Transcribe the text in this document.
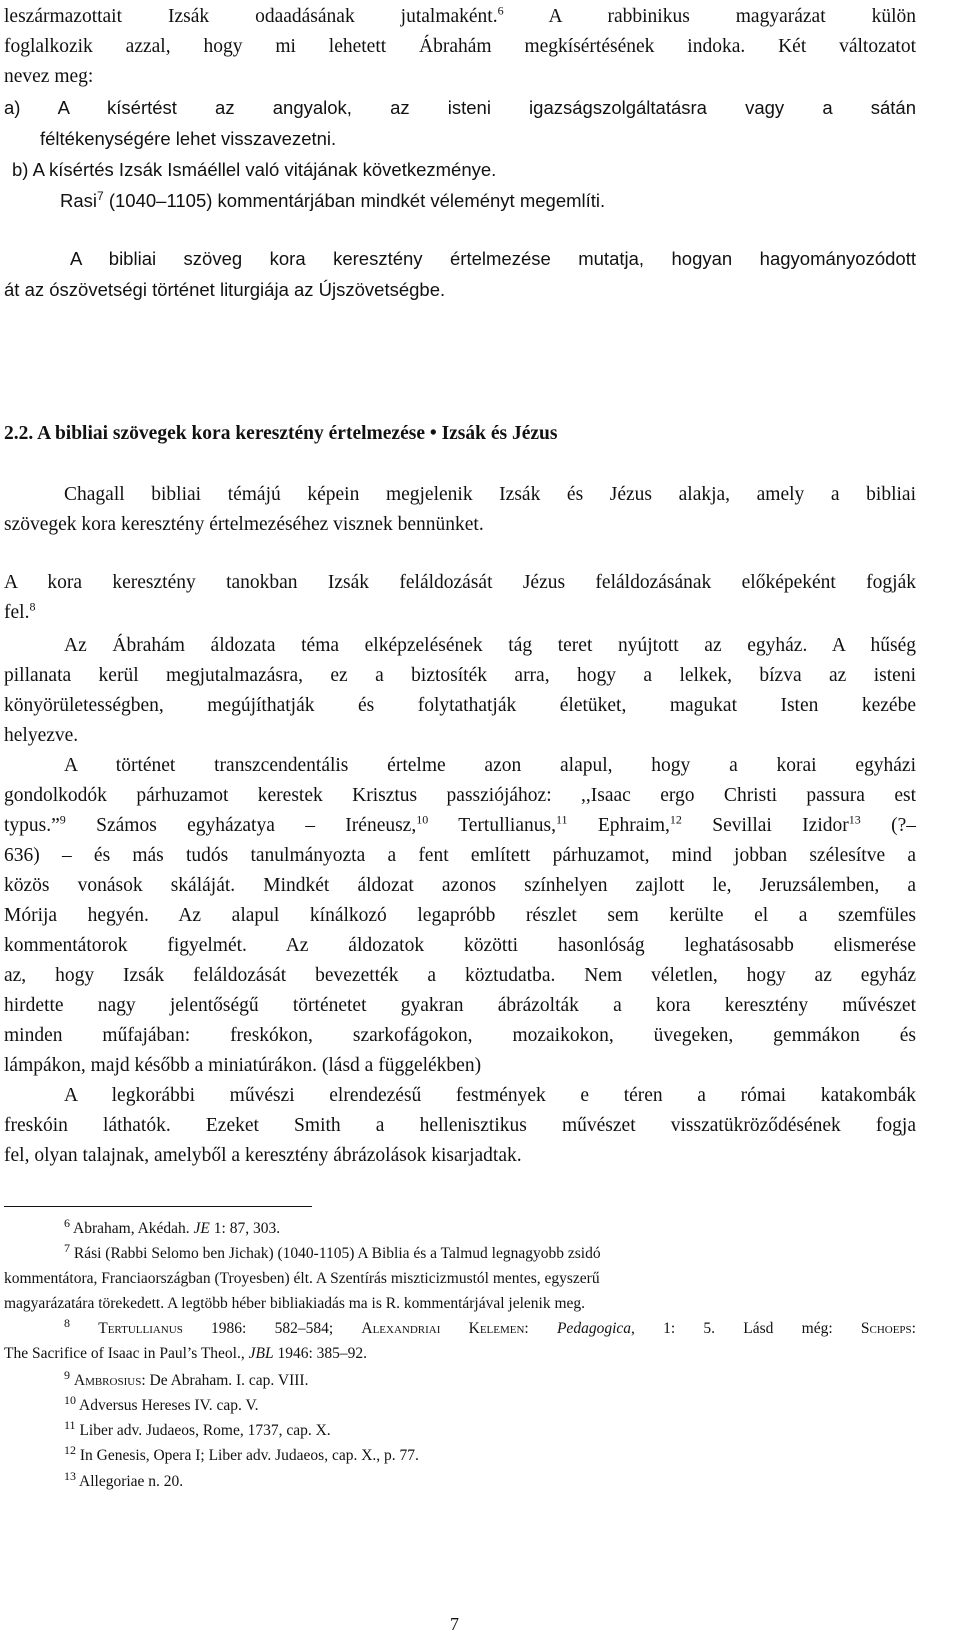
leszármazottait Izsák odaadásának jutalmaként.$^6$ A rabbinikus magyarázat külön

foglalkozik azzal, hogy mi lehetett Ábrahám megkísértésének indoka. Két változatot

nevez meg:

a) A kísértést az angyalok, az isteni igazságszolgáltatásra vagy a sátán

féltékenységére lehet visszavezetni.

b) A kísértés Izsák Ismáéllel való vitájának következménye.

Rasi$^7$ (1040–1105) kommentárjában mindkét véleményt megemlíti.

A bibliai szöveg kora keresztény értelmezése mutatja, hogyan hagyományozódott

át az ószövetségi történet liturgiája az Újszövetségbe.

2.2. A bibliai szövegek kora keresztény értelmezése • Izsák és Jézus

Chagall bibliai témájú képein megjelenik Izsák és Jézus alakja, amely a bibliai

szövegek kora keresztény értelmezéséhez visznek bennünket.

A kora keresztény tanokban Izsák feláldozását Jézus feláldozásának előképeként fogják

fel.$^8$

Az Ábrahám áldozata téma elképzelésének tág teret nyújtott az egyház. A hűség

pillanata kerül megjutalmazásra, ez a biztosíték arra, hogy a lelkek, bízva az isteni

könyörületességben, megújíthatják és folytathatják életüket, magukat Isten kezébe

helyezve.

A történet transzcendentális értelme azon alapul, hogy a korai egyházi

gondolkodók párhuzamot kerestek Krisztus passziójához: ,,Isaac ergo Christi passura est

typus.”$^9$ Számos egyházatya – Iréneusz,$^{10}$ Tertullianus,$^{11}$ Ephraim,$^{12}$ Sevillai Izidor$^{13}$ (?–

636) – és más tudós tanulmányozta a fent említett párhuzamot, mind jobban szélesítve a

közös vonások skáláját. Mindkét áldozat azonos színhelyen zajlott le, Jeruzsálemben, a

Mórija hegyén. Az alapul kínálkozó legapróbb részlet sem kerülte el a szemfüles

kommentátorok figyelmét. Az áldozatok közötti hasonlóság leghatásosabb elismerése

az, hogy Izsák feláldozását bevezették a köztudatba. Nem véletlen, hogy az egyház

hirdette nagy jelentőségű történetet gyakran ábrázolták a kora keresztény művészet

minden műfajában: freskókon, szarkofágokon, mozaikokon, üvegeken, gemmákon és

lámpákon, majd később a miniatúrákon. (lásd a függelékben)

A legkorábbi művészi elrendezésű festmények e téren a római katakombák

freskóin láthatók. Ezeket Smith a hellenisztikus művészet visszatükröződésének fogja

fel, olyan talajnak, amelyből a keresztény ábrázolások kisarjadtak.

$^6$ Abraham, Akédah. JE 1: 87, 303.

$^7$ Rási (Rabbi Selomo ben Jichak) (1040-1105) A Biblia és a Talmud legnagyobb zsidó

kommentátora, Franciaországban (Troyesben) élt. A Szentírás miszticizmustól mentes, egyszerű

magyarázatára törekedett. A legtöbb héber bibliakiadás ma is R. kommentárjával jelenik meg.

$^8$ Tertullianus 1986: 582–584; Alexandriai Kelemen: Pedagogica, 1: 5. Lásd még: Schoeps:

The Sacrifice of Isaac in Paul’s Theol., JBL 1946: 385–92.

$^9$ Ambrosius: De Abraham. I. cap. VIII.

$^{10}$ Adversus Hereses IV. cap. V.

$^{11}$ Liber adv. Judaeos, Rome, 1737, cap. X.

$^{12}$ In Genesis, Opera I; Liber adv. Judaeos, cap. X., p. 77.

$^{13}$ Allegoriae n. 20.

7
